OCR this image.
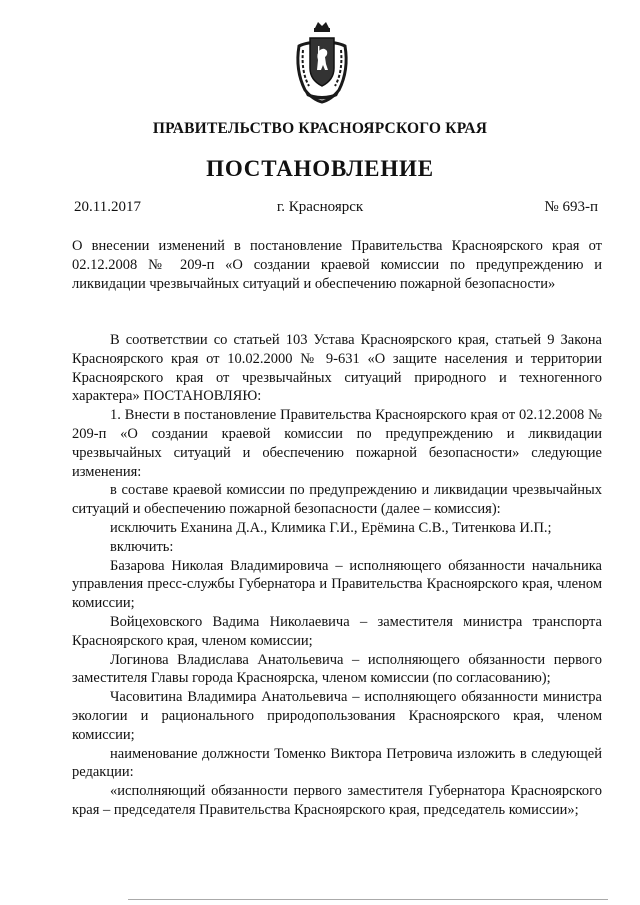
ПРАВИТЕЛЬСТВО КРАСНОЯРСКОГО КРАЯ
ПОСТАНОВЛЕНИЕ
20.11.2017	г. Красноярск	№ 693-п
О внесении изменений в постановление Правительства Красноярского края от 02.12.2008 № 209-п «О создании краевой комиссии по предупреждению и ликвидации чрезвычайных ситуаций и обеспечению пожарной безопасности»

В соответствии со статьей 103 Устава Красноярского края, статьей 9 Закона Красноярского края от 10.02.2000 № 9-631 «О защите населения и территории Красноярского края от чрезвычайных ситуаций природного и техногенного характера» ПОСТАНОВЛЯЮ:

1. Внести в постановление Правительства Красноярского края от 02.12.2008 № 209-п «О создании краевой комиссии по предупреждению и ликвидации чрезвычайных ситуаций и обеспечению пожарной безопасности» следующие изменения:

в составе краевой комиссии по предупреждению и ликвидации чрезвычайных ситуаций и обеспечению пожарной безопасности (далее – комиссия):

исключить Еханина Д.А., Климика Г.И., Ерёмина С.В., Титенкова И.П.;

включить:

Базарова Николая Владимировича – исполняющего обязанности начальника управления пресс-службы Губернатора и Правительства Красноярского края, членом комиссии;

Войцеховского Вадима Николаевича – заместителя министра транспорта Красноярского края, членом комиссии;

Логинова Владислава Анатольевича – исполняющего обязанности первого заместителя Главы города Красноярска, членом комиссии (по согласованию);

Часовитина Владимира Анатольевича – исполняющего обязанности министра экологии и рационального природопользования Красноярского края, членом комиссии;

наименование должности Томенко Виктора Петровича изложить в следующей редакции:

«исполняющий обязанности первого заместителя Губернатора Красноярского края – председателя Правительства Красноярского края, председатель комиссии»;
